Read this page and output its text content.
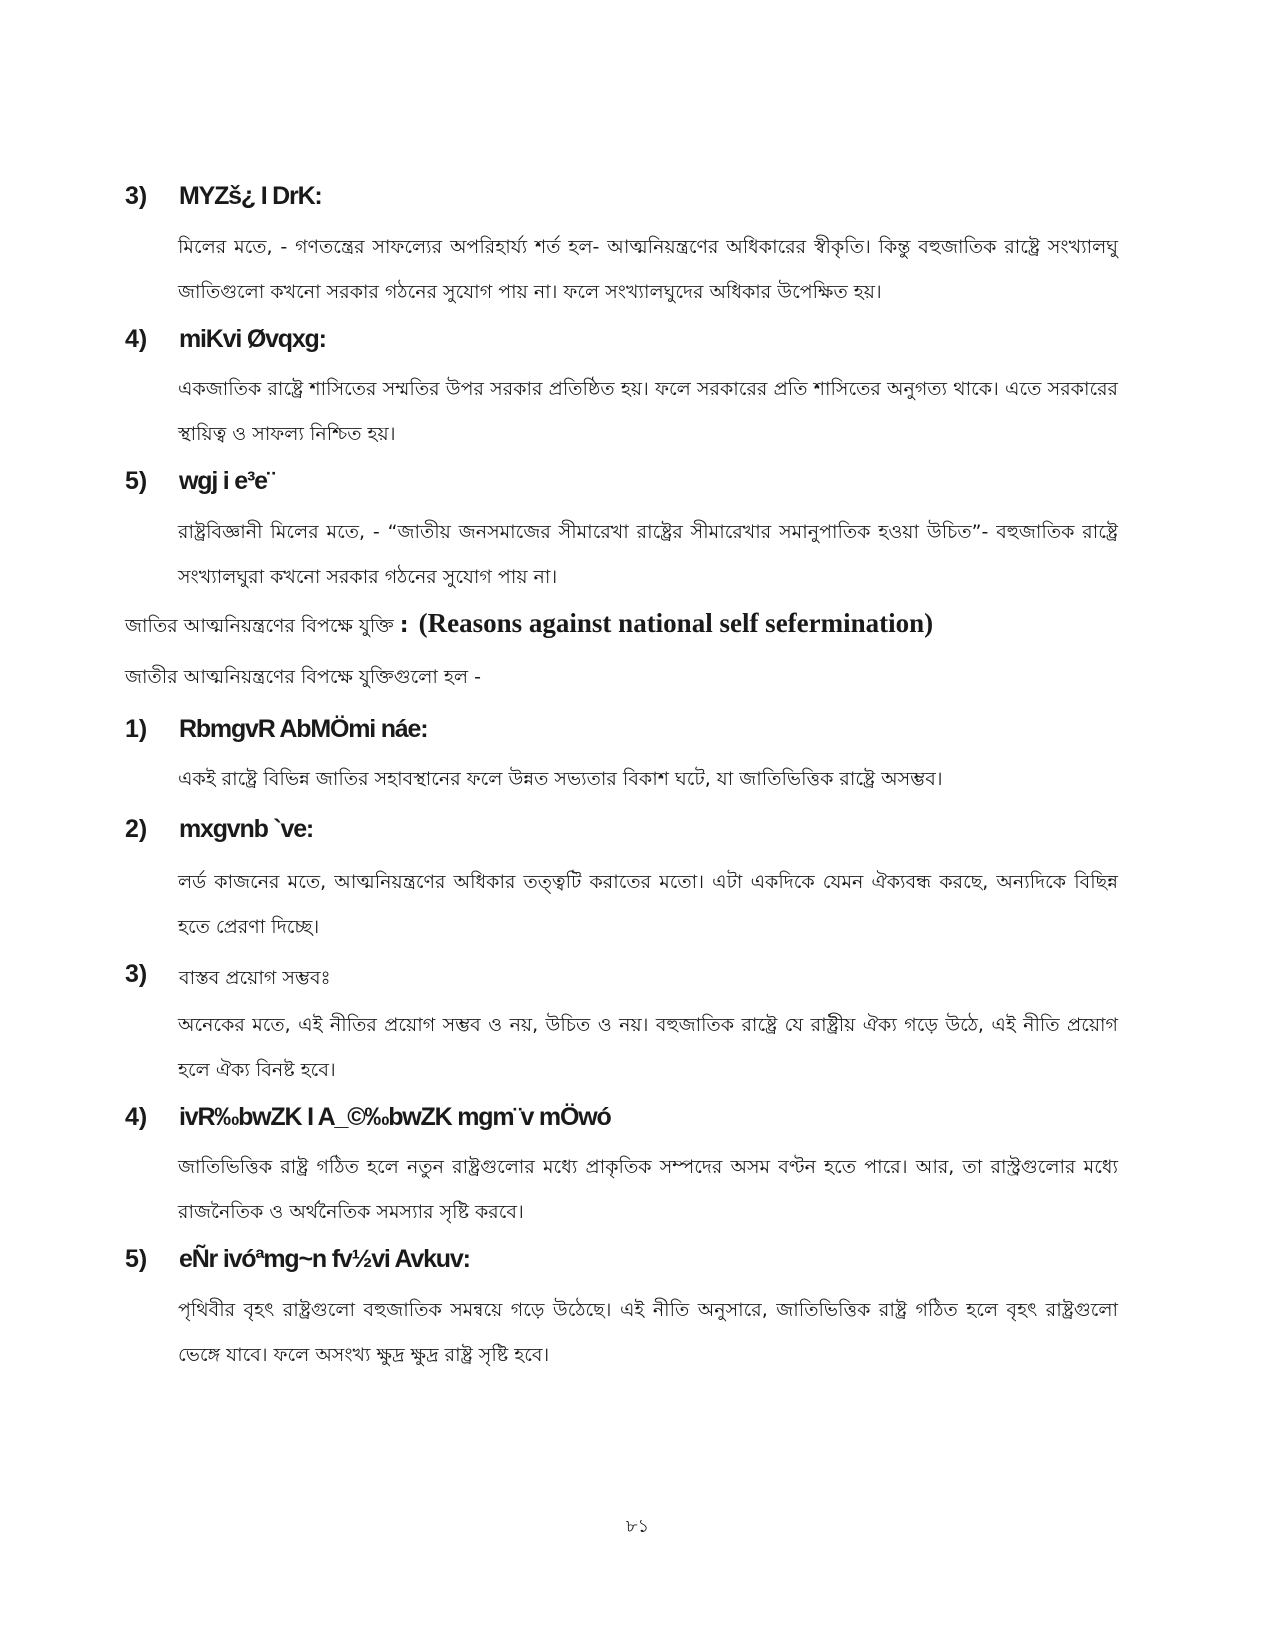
3) MYZš¿ I DrK:
মিলের মতে, - গণতন্ত্রের সাফল্যের অপরিহার্য্য শর্ত হল- আত্মনিয়ন্ত্রণের অধিকারের স্বীকৃতি। কিন্তু বহুজাতিক রাষ্ট্রে সংখ্যালঘু জাতিগুলো কখনো সরকার গঠনের সুযোগ পায় না। ফলে সংখ্যালঘুদের অধিকার উপেক্ষিত হয়।
4) miKvi Øvqxg:
একজাতিক রাষ্ট্রে শাসিতের সম্মতির উপর সরকার প্রতিষ্ঠিত হয়। ফলে সরকারের প্রতি শাসিতের অনুগত্য থাকে। এতে সরকারের স্থায়িত্ব ও সাফল্য নিশ্চিত হয়।
5) wgj i e³e¨
রাষ্ট্রবিজ্ঞানী মিলের মতে, - “জাতীয় জনসমাজের সীমারেখা রাষ্ট্রের সীমারেখার সমানুপাতিক হওয়া উচিত”- বহুজাতিক রাষ্ট্রে সংখ্যালঘুরা কখনো সরকার গঠনের সুযোগ পায় না।
জাতির আত্মনিয়ন্ত্রণের বিপক্ষে যুক্তি : (Reasons against national self sefermination)
জাতীর আত্মনিয়ন্ত্রণের বিপক্ষে যুক্তিগুলো হল -
1) RbmgvR AbMÖmi náe:
একই রাষ্ট্রে বিভিন্ন জাতির সহাবস্থানের ফলে উন্নত সভ্যতার বিকাশ ঘটে, যা জাতিভিত্তিক রাষ্ট্রে অসম্ভব।
2) mxgvnb `ve:
লর্ড কাজনের মতে, আত্মনিয়ন্ত্রণের অধিকার তত্ত্বটি করাতের মতো। এটা একদিকে যেমন ঐক্যবন্ধ করছে, অন্যদিকে বিছিন্ন হতে প্রেরণা দিচ্ছে।
3) বাস্তব প্রয়োগ সম্ভবঃ
অনেকের মতে, এই নীতির প্রয়োগ সম্ভব ও নয়, উচিত ও নয়। বহুজাতিক রাষ্ট্রে যে রাষ্ট্রীয় ঐক্য গড়ে উঠে, এই নীতি প্রয়োগ হলে ঐক্য বিনষ্ট হবে।
4) ivR‰bwZK I A_©‰bwZK mgm¨v mÖwó
জাতিভিত্তিক রাষ্ট্র গঠিত হলে নতুন রাষ্ট্রগুলোর মধ্যে প্রাকৃতিক সম্পদের অসম বণ্টন হতে পারে। আর, তা রাস্ট্রগুলোর মধ্যে রাজনৈতিক ও অর্থনৈতিক সমস্যার সৃষ্টি করবে।
5) eÑr ivóªmg~n fv½vi Avkuv:
পৃথিবীর বৃহৎ রাষ্ট্রগুলো বহুজাতিক সমন্বয়ে গড়ে উঠেছে। এই নীতি অনুসারে, জাতিভিত্তিক রাষ্ট্র গঠিত হলে বৃহৎ রাষ্ট্রগুলো ভেঙ্গে যাবে। ফলে অসংখ্য ক্ষুদ্র ক্ষুদ্র রাষ্ট্র সৃষ্টি হবে।
৮১
